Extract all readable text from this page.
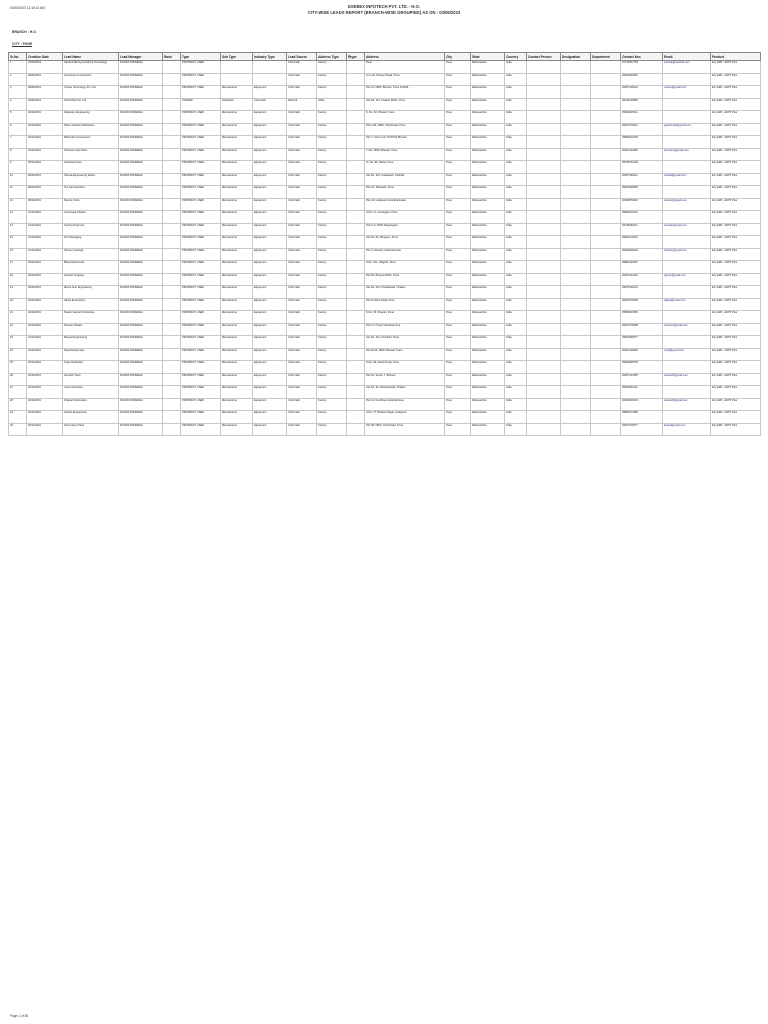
EXEBEX INFOTECH PVT. LTD. - H.O.
CITY-WISE LEADS REPORT (BRANCH-WISE GROUPING) AS ON : 03/06/2023
03/06/2023 12:18:14 AM
BRANCH : H.O.
CITY : PUNE
Sr.No.	Creation Date	Lead Name	Lead Manager	Rank	Type	Sub Type	Industry Type	Lead Source	Address Type	Rtype	Address	City	State	Country	Contact Person	Designation	Department	Contact Nos	Email	Product
1	20/06/2019	Sandvik Mining and Rock Technology	ROHINI PARDESHI		PROSPECT USER			Cold Calls	Factory		Pune	Pune	Maharashtra	India				07710067765	sandvik@sandvik.com	Ezy ERP - ADPT Plus
2	20/06/2019	Amul Auto Components	ROHINI PARDESHI		PROSPECT USER			Cold Calls	Factory		S.no 42, Dhayari Road, Pune	Pune	Maharashtra	India				02024390452		Ezy ERP - ADPT Plus
3	20/06/2019	Unique Technology Pvt. Ltd.	ROHINI PARDESHI		PROSPECT USER	Manufacturer	Equipment	Cold Calls	Factory		Plot 12, MIDC Bhosari, Pune 411026	Pune	Maharashtra	India				02027120044	unique@gmail.com	Ezy ERP - ADPT Plus
4	20/06/2019	Sofia Plast Pvt. Ltd.	ROHINI PARDESHI		TRADER	Distributor	Chemicals	Referral	Office		Gat No. 114, Chakan MIDC, Pune	Pune	Maharashtra	India				02135249955		Ezy ERP - ADPT Plus
5	02/11/2019	Kalpataru Engineering	ROHINI PARDESHI		PROSPECT USER	Manufacturer	Equipment	Cold Calls	Factory		S. No. 52, Bhosari, Pune	Pune	Maharashtra	India				09822045411		Ezy ERP - ADPT Plus
6	02/11/2019	Shree Ganesh Fabricators	ROHINI PARDESHI		PROSPECT USER	Manufacturer	Equipment	Cold Calls	Factory		Plot J-45, MIDC Chinchwad, Pune	Pune	Maharashtra	India				02027470010	ganesh.fab@gmail.com	Ezy ERP - ADPT Plus
7	02/11/2019	Mahindra Components	ROHINI PARDESHI		PROSPECT USER	Manufacturer	Equipment	Cold Calls	Factory		Plot 7, Sector 10, PCNTDA Bhosari	Pune	Maharashtra	India				09890012233		Ezy ERP - ADPT Plus
8	02/11/2019	Precision Auto Parts	ROHINI PARDESHI		PROSPECT USER	Manufacturer	Equipment	Cold Calls	Factory		T-112, MIDC Bhosari, Pune	Pune	Maharashtra	India				02027120456	precision@gmail.com	Ezy ERP - ADPT Plus
9	08/11/2019	Sai Enterprises	ROHINI PARDESHI		PROSPECT USER	Manufacturer	Equipment	Cold Calls	Factory		Sr. No. 88, Narhe, Pune	Pune	Maharashtra	India				09765432109		Ezy ERP - ADPT Plus
10	08/11/2019	Vishwa Engineering Works	ROHINI PARDESHI		PROSPECT USER	Manufacturer	Equipment	Cold Calls	Factory		Gat No. 315, Kudalwadi, Chikhali	Pune	Maharashtra	India				02027490011	vishwa@gmail.com	Ezy ERP - ADPT Plus
11	08/11/2019	Om Sai Industries	ROHINI PARDESHI		PROSPECT USER	Manufacturer	Equipment	Cold Calls	Factory		Plot 21, Talawade, Pune	Pune	Maharashtra	India				09923345566		Ezy ERP - ADPT Plus
12	08/11/2019	Deccan Tools	ROHINI PARDESHI		PROSPECT USER	Manufacturer	Equipment	Cold Calls	Factory		Plot 44, Hadapsar Industrial Estate	Pune	Maharashtra	India				02026870022	deccan@gmail.com	Ezy ERP - ADPT Plus
13	12/11/2019	Gurukrupa Plastics	ROHINI PARDESHI		PROSPECT USER	Manufacturer	Equipment	Cold Calls	Factory		S.No. 17, Ambegaon, Pune	Pune	Maharashtra	India				09850011223		Ezy ERP - ADPT Plus
14	12/11/2019	Sunrise Polymers	ROHINI PARDESHI		PROSPECT USER	Manufacturer	Equipment	Cold Calls	Factory		Plot C-9, MIDC Ranjangaon	Pune	Maharashtra	India				02138232211	sunrise@gmail.com	Ezy ERP - ADPT Plus
15	12/11/2019	Kirti Packaging	ROHINI PARDESHI		PROSPECT USER	Manufacturer	Equipment	Cold Calls	Factory		Gat No. 66, Bhugaon, Pune	Pune	Maharashtra	India				09822112233		Ezy ERP - ADPT Plus
16	12/11/2019	Shivam Castings	ROHINI PARDESHI		PROSPECT USER	Manufacturer	Equipment	Cold Calls	Factory		Plot 3, Shivane Industrial Area	Pune	Maharashtra	India				02025290044	shivam@gmail.com	Ezy ERP - ADPT Plus
17	18/11/2019	Bharat Electricals	ROHINI PARDESHI		PROSPECT USER	Manufacturer	Equipment	Cold Calls	Factory		S.No. 101, Wagholi, Pune	Pune	Maharashtra	India				09881234567		Ezy ERP - ADPT Plus
18	18/11/2019	Ganesh Forgings	ROHINI PARDESHI		PROSPECT USER	Manufacturer	Equipment	Cold Calls	Factory		Plot 56, Bhosari MIDC, Pune	Pune	Maharashtra	India				02027121133	gforge@gmail.com	Ezy ERP - ADPT Plus
19	18/11/2019	Maruti Auto Engineering	ROHINI PARDESHI		PROSPECT USER	Manufacturer	Equipment	Cold Calls	Factory		Gat No. 201, Kharabwadi, Chakan	Pune	Maharashtra	India				09970011223		Ezy ERP - ADPT Plus
20	18/11/2019	Aditya Enterprises	ROHINI PARDESHI		PROSPECT USER	Manufacturer	Equipment	Cold Calls	Factory		Plot 8, Dehu Road, Pune	Pune	Maharashtra	India				02027670055	aditya@gmail.com	Ezy ERP - ADPT Plus
21	22/11/2019	Swami Samarth Industries	ROHINI PARDESHI		PROSPECT USER	Manufacturer	Equipment	Cold Calls	Factory		S.No. 33, Dhayari, Pune	Pune	Maharashtra	India				09860044556		Ezy ERP - ADPT Plus
22	22/11/2019	Poonam Metals	ROHINI PARDESHI		PROSPECT USER	Manufacturer	Equipment	Cold Calls	Factory		Plot 17, Pimpri Industrial Area	Pune	Maharashtra	India				02027470088	poonam@gmail.com	Ezy ERP - ADPT Plus
23	22/11/2019	Mangal Engineering	ROHINI PARDESHI		PROSPECT USER	Manufacturer	Equipment	Cold Calls	Factory		Gat No. 412, Chimbali, Pune	Pune	Maharashtra	India				09822556677		Ezy ERP - ADPT Plus
24	22/11/2019	Royal Enterprises	ROHINI PARDESHI		PROSPECT USER	Manufacturer	Equipment	Cold Calls	Factory		Plot W-14, MIDC Bhosari, Pune	Pune	Maharashtra	India				02027129900	royal@gmail.com	Ezy ERP - ADPT Plus
25	26/11/2019	Tejas Hydraulics	ROHINI PARDESHI		PROSPECT USER	Manufacturer	Equipment	Cold Calls	Factory		S.No. 48, Alandi Road, Pune	Pune	Maharashtra	India				09890098765		Ezy ERP - ADPT Plus
26	26/11/2019	Samarth Tools	ROHINI PARDESHI		PROSPECT USER	Manufacturer	Equipment	Cold Calls	Factory		Plot 62, Sector 7, Bhosari	Pune	Maharashtra	India				02027124455	samarth@gmail.com	Ezy ERP - ADPT Plus
27	26/11/2019	Laxmi Industries	ROHINI PARDESHI		PROSPECT USER	Manufacturer	Equipment	Cold Calls	Factory		Gat No. 90, Nanekarwadi, Chakan	Pune	Maharashtra	India				09923001122		Ezy ERP - ADPT Plus
28	26/11/2019	Prakash Fabrication	ROHINI PARDESHI		PROSPECT USER	Manufacturer	Equipment	Cold Calls	Factory		Plot 11, Kondhwa Industrial Area	Pune	Maharashtra	India				02026930033	prakash@gmail.com	Ezy ERP - ADPT Plus
29	30/11/2019	Vedant Engineering	ROHINI PARDESHI		PROSPECT USER	Manufacturer	Equipment	Cold Calls	Factory		S.No. 77, Bhekrai Nagar, Hadapsar	Pune	Maharashtra	India				09850077889		Ezy ERP - ADPT Plus
30	30/11/2019	Kaveri Auto Parts	ROHINI PARDESHI		PROSPECT USER	Manufacturer	Equipment	Cold Calls	Factory		Plot 35, MIDC Chinchwad, Pune	Pune	Maharashtra	India				02027476677	kaveri@gmail.com	Ezy ERP - ADPT Plus
Page 1 of 36
